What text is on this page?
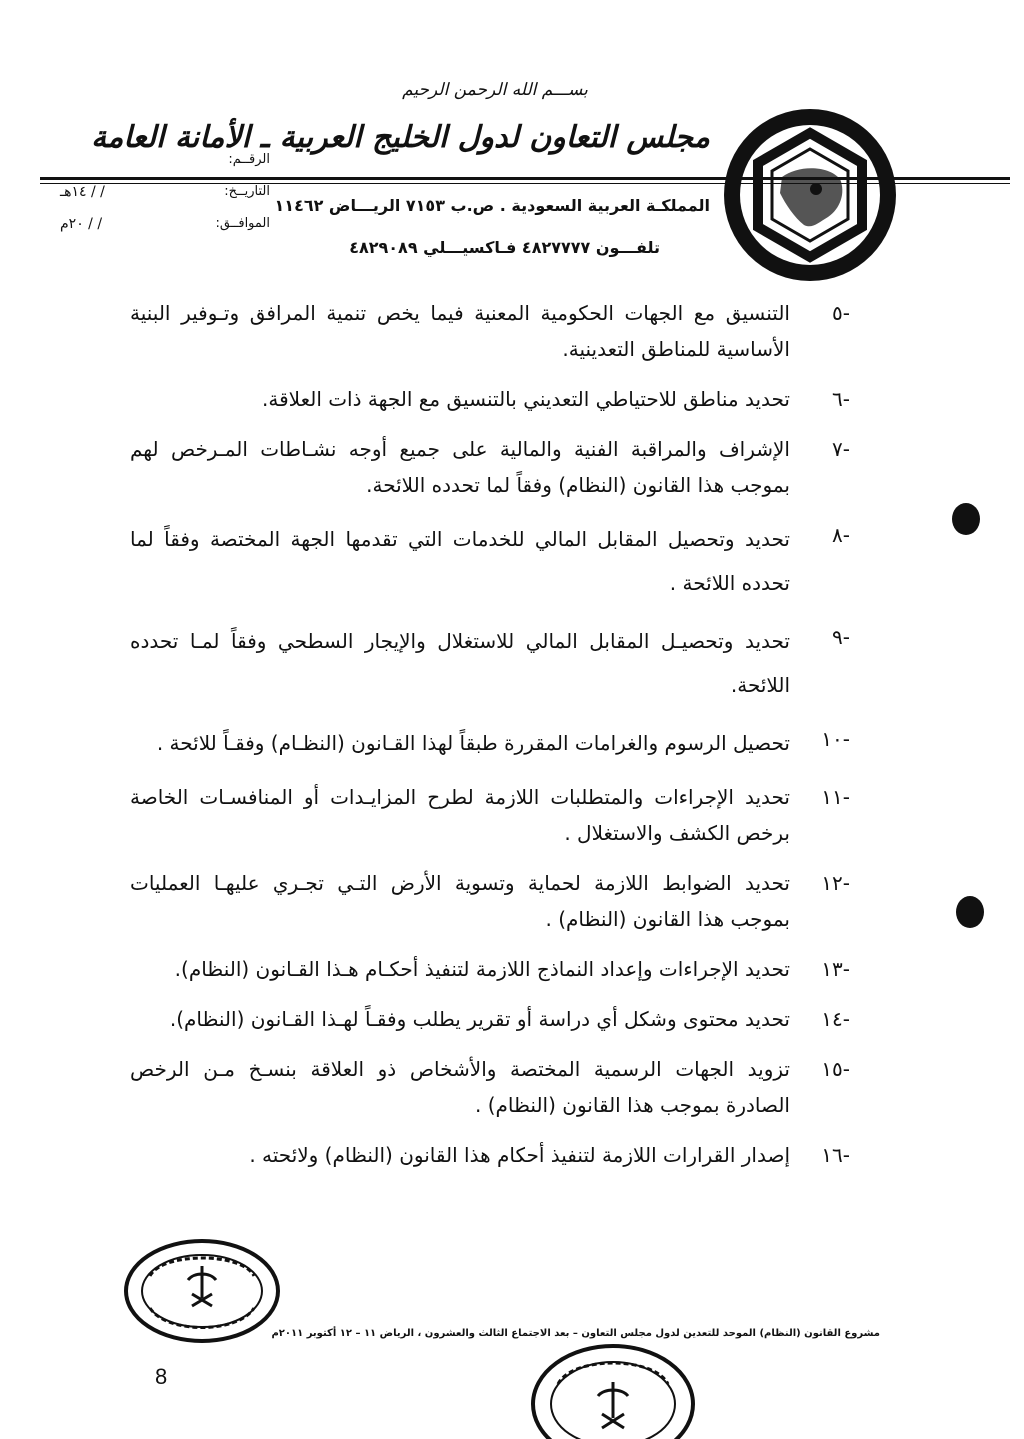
بســـم الله الرحمن الرحيم
مجلس التعاون لدول الخليج العربية ـ الأمانة العامة
المملكـة العربية السعودية . ص.ب ٧١٥٣ الريـــاض ١١٤٦٢
تلفـــون ٤٨٢٧٧٧٧ فـاكسيـــلي ٤٨٢٩٠٨٩
الرقــم:
التاريــخ:
الموافــق:
/ / ١٤هـ
/ / ٢٠م
٥-
التنسيق مع الجهات الحكومية المعنية فيما يخص تنمية المرافق وتـوفير البنية الأساسية للمناطق التعدينية.
٦-
تحديد مناطق للاحتياطي التعديني بالتنسيق مع الجهة ذات العلاقة.
٧-
الإشراف والمراقبة الفنية والمالية على جميع أوجه نشـاطات المـرخص لهم بموجب هذا القانون (النظام) وفقاً لما تحدده اللائحة.
٨-
تحديد وتحصيل المقابل المالي للخدمات التي تقدمها الجهة المختصة وفقاً لما تحدده اللائحة .
٩-
تحديد وتحصيـل المقابل المالي للاستغلال والإيجار السطحي وفقاً لمـا تحدده اللائحة.
١٠-
تحصيل الرسوم والغرامات المقررة طبقاً لهذا القـانون (النظـام) وفقـاً للائحة .
١١-
تحديد الإجراءات والمتطلبات اللازمة لطرح المزايـدات أو المنافسـات الخاصة برخص الكشف والاستغلال .
١٢-
تحديد الضوابط اللازمة لحماية وتسوية الأرض التـي تجـري عليهـا العمليات بموجب هذا القانون (النظام) .
١٣-
تحديد الإجراءات وإعداد النماذج اللازمة لتنفيذ أحكـام هـذا القـانون (النظام).
١٤-
تحديد محتوى وشكل أي دراسة أو تقرير يطلب وفقـاً لهـذا القـانون (النظام).
١٥-
تزويد الجهات الرسمية المختصة والأشخاص ذو العلاقة بنسـخ مـن الرخص الصادرة بموجب هذا القانون (النظام) .
١٦-
إصدار القرارات اللازمة لتنفيذ أحكام هذا القانون (النظام) ولائحته .
مشروع القانون (النظام) الموحد للتعدين لدول مجلس التعاون – بعد الاجتماع الثالث والعشرون ، الرياض ١١ – ١٢ أكتوبر ٢٠١١م
8
